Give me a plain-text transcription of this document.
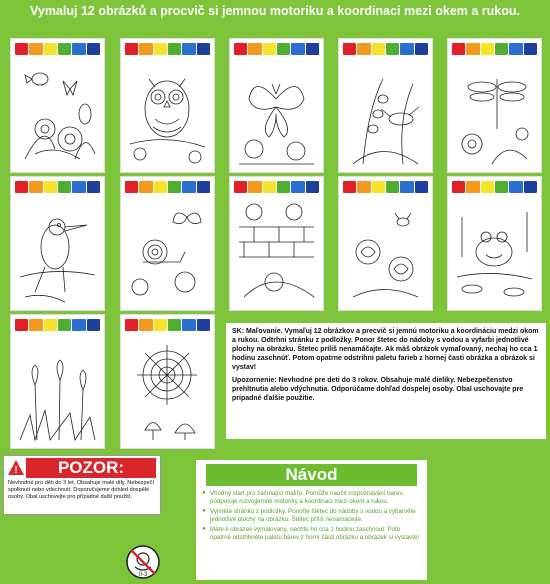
Vymaluj 12 obrázků a procvič si jemnou motoriku a koordinaci mezi okem a rukou.

SK: Maľovanie. Vymaľuj 12 obrázkov a precvič si jemnú motoriku a koordináciu medzi okom a rukou. Odtrhni stránku z podložky. Ponor štetec do nádoby s vodou a vyfarbi jednotlivé plochy na obrázku. Štetec príliš nenamáčajte. Ak máš obrázok vymaľovaný, nechaj ho cca 1 hodinu zaschnúť. Potom opatrne odstrihni paletu farieb z hornej časti obrázka a obrázok si vystav!

Upozornenie: Nevhodné pre deti do 3 rokov. Obsahuje malé dieliky. Nebezpečenstvo prehltnutia alebo vdýchnutia. Odporúčame dohľad dospelej osoby. Obal uschovajte pre prípadné ďalšie použitie.

!	POZOR:
Nevhodné pro děti do 3 let. Obsahuje malé díly. Nebezpečí spolknutí nebo vdechnutí. Doporučujeme dohled dospělé osoby. Obal uschovejte pro případné další použití.
Návod
● Vhodný start pro začínající malíře. Pomůže naučit rozpoznávání barev, podporuje rozvojjemné motoriky a koordinaci mezi okem a rukou.
● Vyjměte stránku z podložky. Ponořte štětec do nádoby s vodou a vybarvěte jednotlivé plochy na obrázku. Štětec příliš nenamáčejte.
● Máte-li obrázek vymalovaný, nechte ho cca 1 hodinu zaschnout. Poté opatrně odstřihněte paletu barev z horní části obrázku a obrázek si vystavte!
0-3
